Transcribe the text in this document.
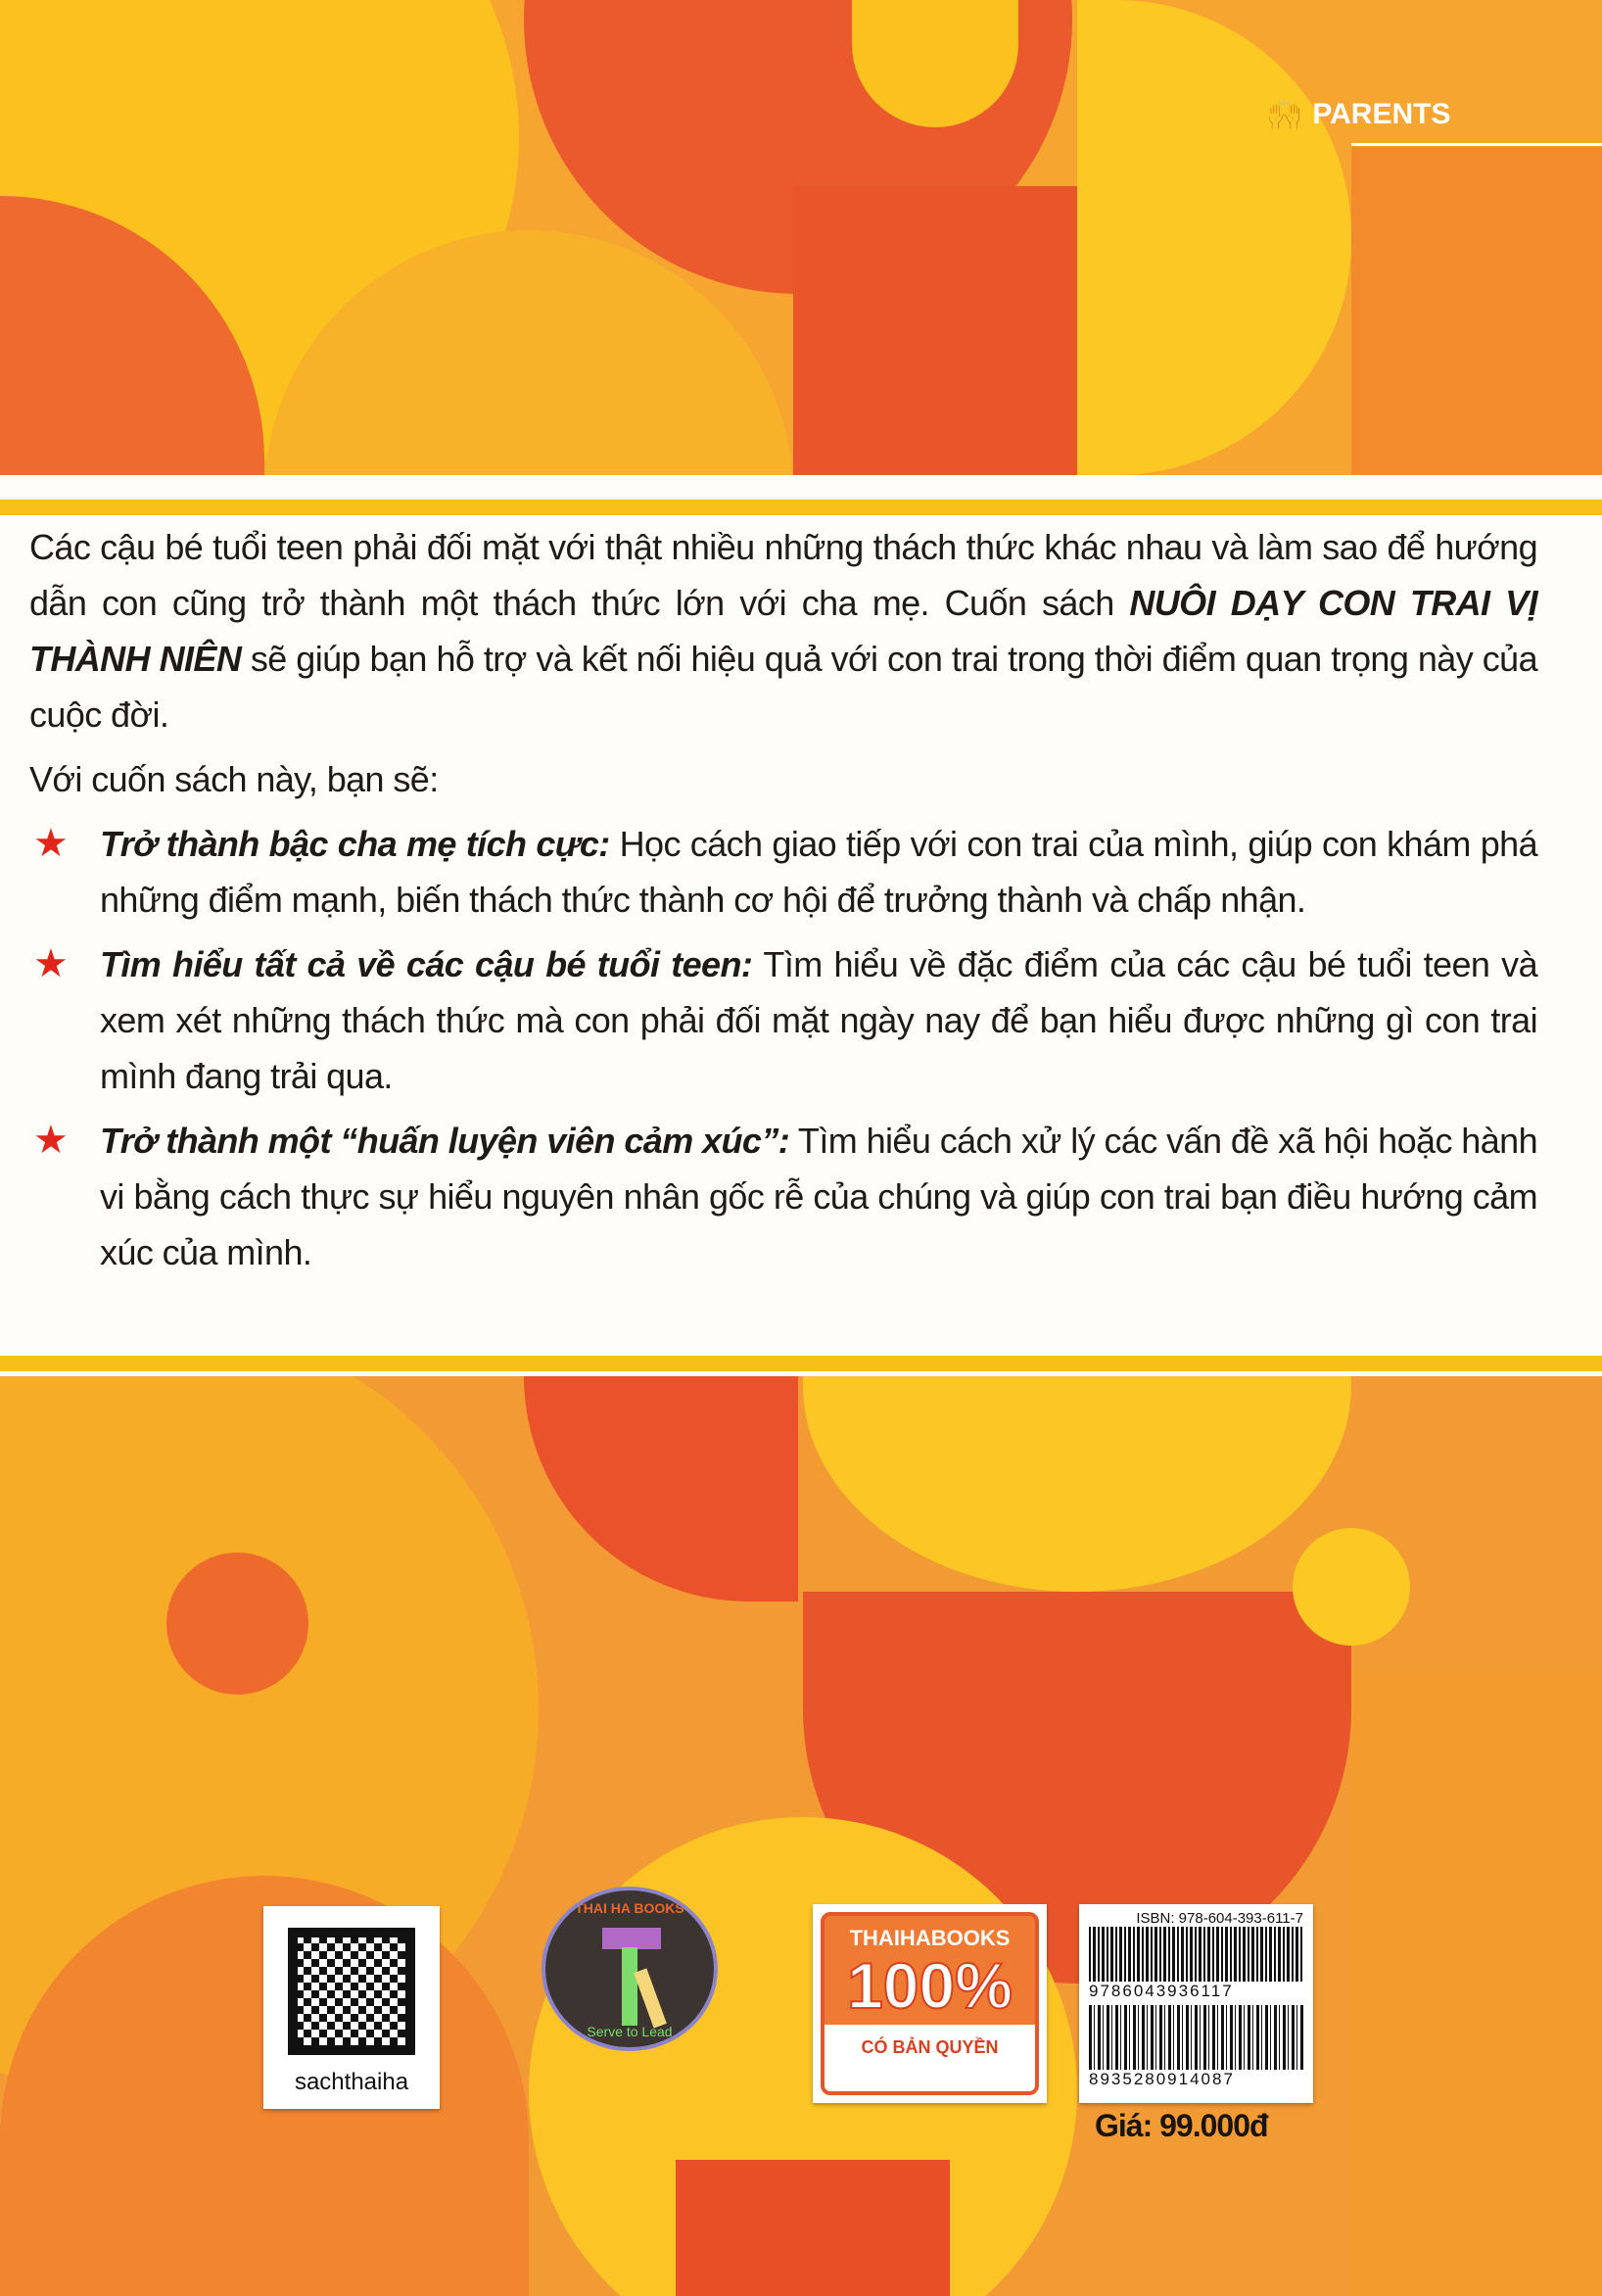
🙌 PARENTS

Các cậu bé tuổi teen phải đối mặt với thật nhiều những thách thức khác nhau và làm sao để hướng dẫn con cũng trở thành một thách thức lớn với cha mẹ. Cuốn sách NUÔI DẠY CON TRAI VỊ THÀNH NIÊN sẽ giúp bạn hỗ trợ và kết nối hiệu quả với con trai trong thời điểm quan trọng này của cuộc đời.

Với cuốn sách này, bạn sẽ:

★ Trở thành bậc cha mẹ tích cực: Học cách giao tiếp với con trai của mình, giúp con khám phá những điểm mạnh, biến thách thức thành cơ hội để trưởng thành và chấp nhận.

★ Tìm hiểu tất cả về các cậu bé tuổi teen: Tìm hiểu về đặc điểm của các cậu bé tuổi teen và xem xét những thách thức mà con phải đối mặt ngày nay để bạn hiểu được những gì con trai mình đang trải qua.

★ Trở thành một “huấn luyện viên cảm xúc”: Tìm hiểu cách xử lý các vấn đề xã hội hoặc hành vi bằng cách thực sự hiểu nguyên nhân gốc rễ của chúng và giúp con trai bạn điều hướng cảm xúc của mình.

sachthaiha
THAI HA BOOKS
Serve to Lead
THAIHABOOKS
100%
CÓ BẢN QUYỀN
ISBN: 978-604-393-611-7
9786043936117
8935280914087
Giá: 99.000đ
